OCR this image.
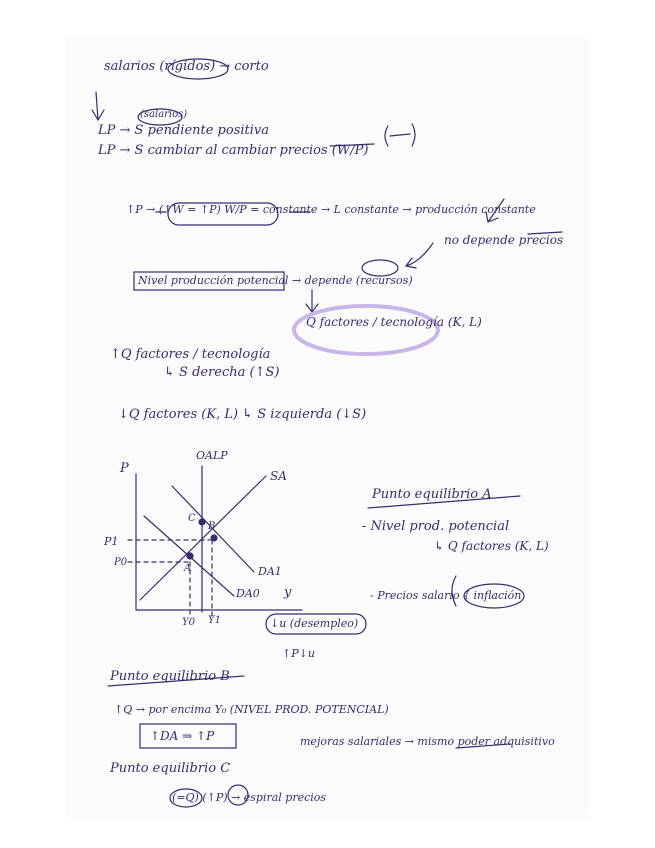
salarios (rígidos) → corto
(salarios)
LP → S pendiente positiva
LP → S cambiar al cambiar precios (W/P)
↑P → (↑W = ↑P) W/P = constante → L constante → producción constante
no depende precios
Nivel producción potencial → depende (recursos)
Q factores / tecnología (K, L)
↑Q factores / tecnología
↳ S derecha (↑S)
↓Q factores (K, L) ↳ S izquierda (↓S)
P
OALP
SA
DA1
DA0 y
P1
P0
Y0 Y1
A
B
C
↓u (desempleo)
↑P↓u
Punto equilibrio A
- Nivel prod. potencial
↳ Q factores (K, L)
- Precios salario { inflación
Punto equilibrio B
↑Q → por encima Y₀ (NIVEL PROD. POTENCIAL)
↑DA ⇒ ↑P
Punto equilibrio C
mejoras salariales → mismo poder adquisitivo
(=Q) (↑P) → espiral precios
